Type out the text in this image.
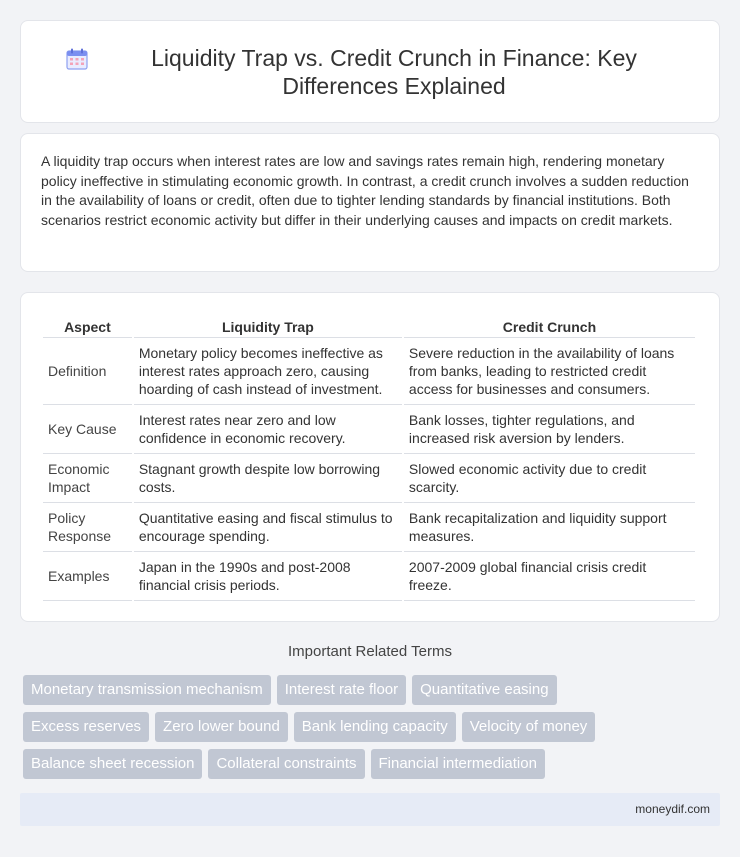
Liquidity Trap vs. Credit Crunch in Finance: Key Differences Explained

A liquidity trap occurs when interest rates are low and savings rates remain high, rendering monetary policy ineffective in stimulating economic growth. In contrast, a credit crunch involves a sudden reduction in the availability of loans or credit, often due to tighter lending standards by financial institutions. Both scenarios restrict economic activity but differ in their underlying causes and impacts on credit markets.

Aspect	Liquidity Trap	Credit Crunch
Definition	Monetary policy becomes ineffective as interest rates approach zero, causing hoarding of cash instead of investment.	Severe reduction in the availability of loans from banks, leading to restricted credit access for businesses and consumers.
Key Cause	Interest rates near zero and low confidence in economic recovery.	Bank losses, tighter regulations, and increased risk aversion by lenders.
Economic Impact	Stagnant growth despite low borrowing costs.	Slowed economic activity due to credit scarcity.
Policy Response	Quantitative easing and fiscal stimulus to encourage spending.	Bank recapitalization and liquidity support measures.
Examples	Japan in the 1990s and post-2008 financial crisis periods.	2007-2009 global financial crisis credit freeze.
Important Related Terms
Monetary transmission mechanism	Interest rate floor	Quantitative easing
Excess reserves	Zero lower bound	Bank lending capacity	Velocity of money
Balance sheet recession	Collateral constraints	Financial intermediation
moneydif.com
